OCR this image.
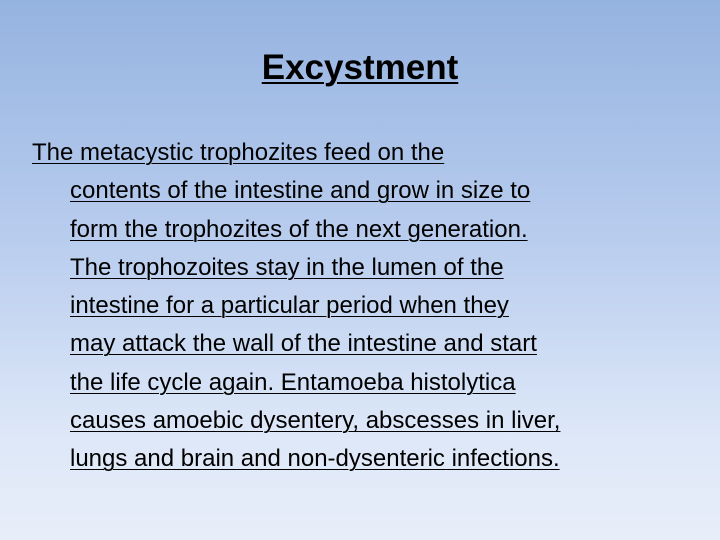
Excystment

The metacystic trophozites feed on the
contents of the intestine and grow in size to
form the trophozites of the next generation.
The trophozoites stay in the lumen of the
intestine for a particular period when they
may attack the wall of the intestine and start
the life cycle again. Entamoeba histolytica
causes amoebic dysentery, abscesses in liver,
lungs and brain and non-dysenteric infections.
